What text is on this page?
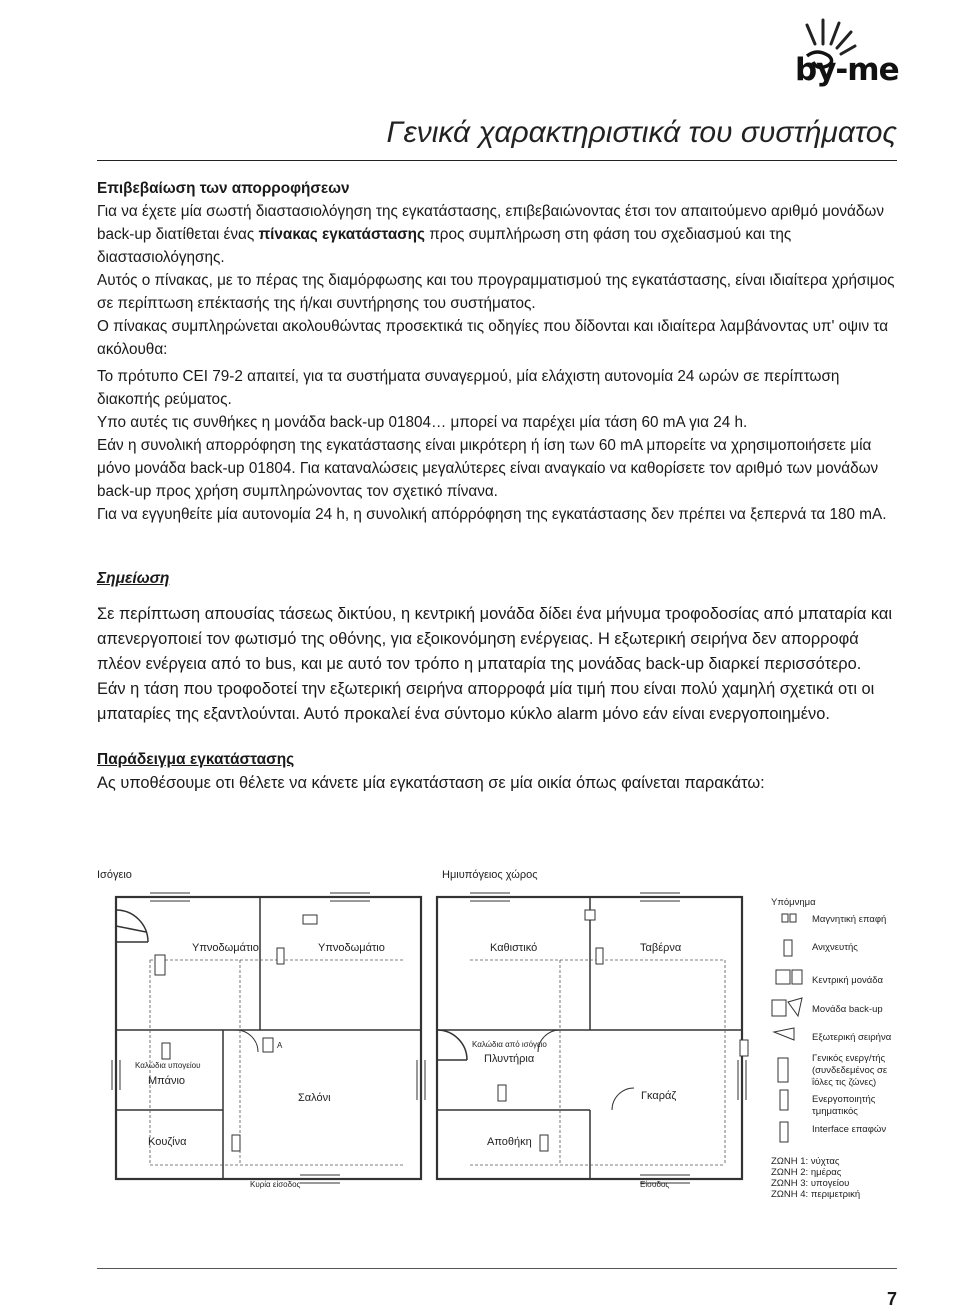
by-me
Γενικά χαρακτηριστικά του συστήματος

Επιβεβαίωση των απορροφήσεων

Για να έχετε μία σωστή διαστασιολόγηση της εγκατάστασης, επιβεβαιώνοντας έτσι τον απαιτούμενο αριθμό μονάδων back-up διατίθεται ένας πίνακας εγκατάστασης προς συμπλήρωση στη φάση του σχεδιασμού και της διαστασιολόγησης.

Αυτός ο πίνακας, με το πέρας της διαμόρφωσης και του προγραμματισμού της εγκατάστασης, είναι ιδιαίτερα χρήσιμος σε περίπτωση επέκτασής της ή/και συντήρησης του συστήματος.

Ο πίνακας συμπληρώνεται ακολουθώντας προσεκτικά τις οδηγίες που δίδονται και ιδιαίτερα λαμβάνοντας υπ' οψιν τα ακόλουθα:

Το πρότυπο CEI 79-2 απαιτεί, για τα συστήματα συναγερμού, μία ελάχιστη αυτονομία 24 ωρών σε περίπτωση διακοπής ρεύματος.

Υπο αυτές τις συνθήκες η μονάδα back-up 01804… μπορεί να παρέχει μία τάση 60 mA για 24 h.

Εάν η συνολική απορρόφηση της εγκατάστασης είναι μικρότερη ή ίση των 60 mA μπορείτε να χρησιμοποιήσετε μία μόνο μονάδα back-up 01804. Για καταναλώσεις μεγαλύτερες είναι αναγκαίο να καθορίσετε τον αριθμό των μονάδων back-up προς χρήση συμπληρώνοντας τον σχετικό πίνανα.

Για να εγγυηθείτε μία αυτονομία 24 h, η συνολική απόρρόφηση της εγκατάστασης δεν πρέπει να ξεπερνά τα 180 mA.

Σημείωση

Σε περίπτωση απουσίας τάσεως δικτύου, η κεντρική μονάδα δίδει ένα μήνυμα τροφοδοσίας από μπαταρία και απενεργοποιεί τον φωτισμό της οθόνης, για εξοικονόμηση ενέργειας. Η εξωτερική σειρήνα δεν απορροφά πλέον ενέργεια από το bus, και με αυτό τον τρόπο η μπαταρία της μονάδας back-up διαρκεί περισσότερο.

Εάν η τάση που τροφοδοτεί την εξωτερική σειρήνα απορροφά μία τιμή που είναι πολύ χαμηλή σχετικά οτι οι μπαταρίες της εξαντλούνται. Αυτό προκαλεί ένα σύντομο κύκλο alarm μόνο εάν είναι ενεργοποιημένο.

Παράδειγμα εγκατάστασης
Ας υποθέσουμε οτι θέλετε να κάνετε μία εγκατάσταση σε μία οικία όπως φαίνεται παρακάτω:
Ισόγειο	Ημιυπόγειος χώρος
Υπνοδωμάτιο	Υπνοδωμάτιο
Καλώδια υπογείου
Μπάνιο
Σαλόνι
Κουζίνα
Κυρία είσοδος
Καθιστικό	Ταβέρνα
Καλώδια από ισόγειο
Πλυντήρια
Γκαράζ
Αποθήκη
Είσοδος
A
Υπόμνημα
Μαγνητική επαφή
Ανιχνευτής
Κεντρική μονάδα
Μονάδα back-up
Εξωτερική σειρήνα
Γενικός ενεργ/τής (συνδεδεμένος σε ΐόλες τις ζώνες)
Ενεργοποιητής τμηματικός
Interface επαφών
ΖΩΝΗ 1: νύχτας
ΖΩΝΗ 2: ημέρας
ΖΩΝΗ 3: υπογείου
ΖΩΝΗ 4: περιμετρική
7
